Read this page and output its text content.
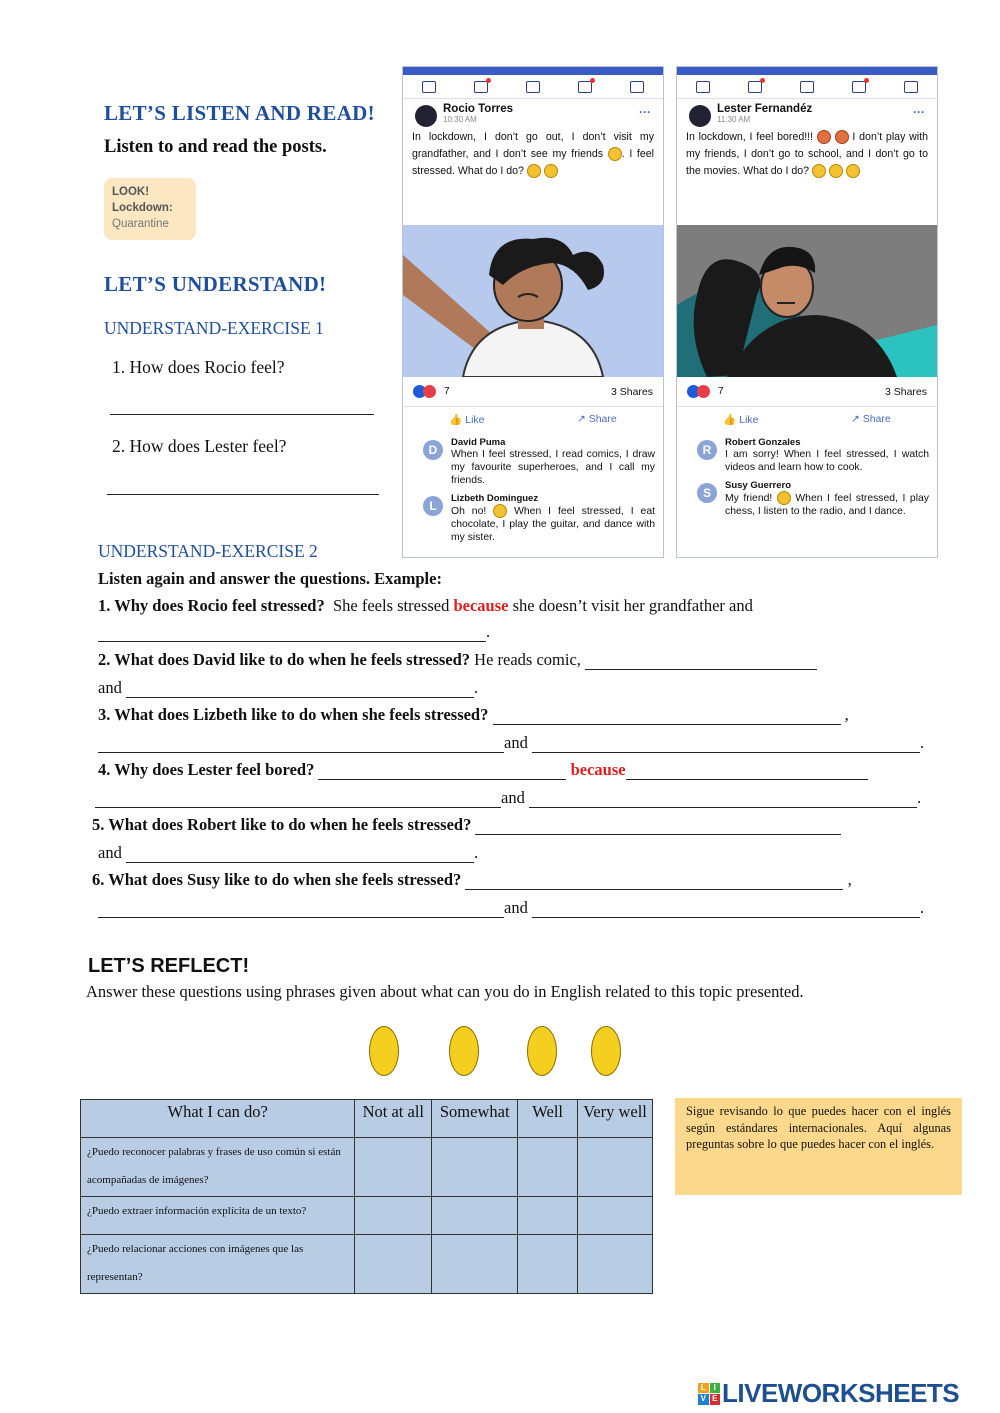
LET’S LISTEN AND READ!
Listen to and read the posts.
LOOK!
Lockdown:
Quarantine
LET’S UNDERSTAND!
UNDERSTAND-EXERCISE 1
1. How does Rocio feel?
2. How does Lester feel?
Rocio Torres
10:30 AM
···
In lockdown, I don’t go out, I don’t visit my grandfather, and I don’t see my friends . I feel stressed. What do I do?
7	3 Shares
👍 Like	↗ Share
D
David Puma
When I feel stressed, I read comics, I draw my favourite superheroes, and I call my friends.
L
Lizbeth Dominguez
Oh no!  When I feel stressed, I eat chocolate, I play the guitar, and dance with my sister.
Lester Fernandéz
11:30 AM
···
In lockdown, I feel bored!!!	I don’t play with my friends, I don’t go to school, and I don’t go to the movies. What do I do?
7	3 Shares
👍 Like	↗ Share
R
Robert Gonzales
I am sorry! When I feel stressed, I watch videos and learn how to cook.
S
Susy Guerrero
My friend!  When I feel stressed, I play chess, I listen to the radio, and I dance.
UNDERSTAND-EXERCISE 2
Listen again and answer the questions. Example:
1. Why does Rocio feel stressed? She feels stressed because she doesn’t visit her grandfather and
.
2. What does David like to do when he feels stressed? He reads comic,
and	.
3. What does Lizbeth like to do when she feels stressed?	,
and	.
4. Why does Lester feel bored?	because
and	.
5. What does Robert like to do when he feels stressed?
and	.
6. What does Susy like to do when she feels stressed?	,
and	.
LET’S REFLECT!
Answer these questions using phrases given about what can you do in English related to this topic presented.
What I can do?	Not at all	Somewhat	Well	Very well
¿Puedo reconocer palabras y frases de uso común si están acompañadas de imágenes?				
¿Puedo extraer información explícita de un texto?				
¿Puedo relacionar acciones con imágenes que las representan?				
Sigue revisando lo que puedes hacer con el inglés según estándares internacionales. Aquí algunas preguntas sobre lo que puedes hacer con el inglés.
L I
V E LIVEWORKSHEETS
